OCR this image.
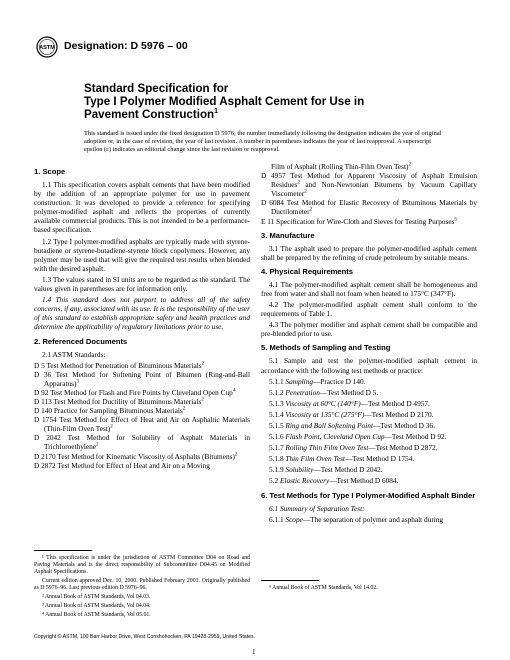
ASTM Designation: D 5976 – 00
Standard Specification for
Type I Polymer Modified Asphalt Cement for Use in
Pavement Construction$^1$
This standard is issued under the fixed designation D 5976; the number immediately following the designation indicates the year of original adoption or, in the case of revision, the year of last revision. A number in parentheses indicates the year of last reapproval. A superscript epsilon (ε) indicates an editorial change since the last revision or reapproval.
1. Scope

1.1 This specification covers asphalt cements that have been modified by the addition of an appropriate polymer for use in pavement construction. It was developed to provide a reference for specifying polymer-modified asphalt and reflects the properties of currently available commercial products. This is not intended to be a performance-based specification.

1.2 Type I polymer-modified asphalts are typically made with styrene-butadiene or styrene-butadiene-styrene block copolymers. However, any polymer may be used that will give the required test results when blended with the desired asphalt.

1.3 The values stated in SI units are to be regarded as the standard. The values given in parentheses are for information only.

1.4 This standard does not purport to address all of the safety concerns, if any, associated with its use. It is the responsibility of the user of this standard to establish appropriate safety and health practices and determine the applicability of regulatory limitations prior to use.

2. Referenced Documents

2.1 ASTM Standards:

D 5 Test Method for Penetration of Bituminous Materials$^2$

D 36 Test Method for Softening Point of Bitumen (Ring-and-Ball Apparatus)$^3$

D 92 Test Method for Flash and Fire Points by Cleveland Open Cup$^4$

D 113 Test Method for Ductility of Bituminous Materials$^2$

D 140 Practice for Sampling Bituminous Materials$^2$

D 1754 Test Method for Effect of Heat and Air on Asphaltic Materials (Thin-Film Oven Test)$^2$

D 2042 Test Method for Solubility of Asphalt Materials in Trichloroethylene$^2$

D 2170 Test Method for Kinematic Viscosity of Asphalts (Bitumens)$^2$

D 2872 Test Method for Effect of Heat and Air on a Moving

¹ This specification is under the jurisdiction of ASTM Committee D04 on Road and Paving Materials and is the direct responsibility of Subcommittee D04.45 on Modified Asphalt Specifications.

Current edition approved Dec. 10, 2000. Published February 2001. Originally published as D 5976–96. Last previous edition D 5976–96.

² Annual Book of ASTM Standards, Vol 04.03.

³ Annual Book of ASTM Standards, Vol 04.04.

⁴ Annual Book of ASTM Standards, Vol 05.01.

Film of Asphalt (Rolling Thin-Film Oven Test)$^2$

D 4957 Test Method for Apparent Viscosity of Asphalt Emulsion Residues$^2$ and Non-Newtonian Bitumens by Vacuum Capillary Viscometer$^2$

D 6084 Test Method for Elastic Recovery of Bituminous Materials by Ductilometer$^2$

E 11 Specification for Wire-Cloth and Sieves for Testing Purposes$^5$

3. Manufacture

3.1 The asphalt used to prepare the polymer-modified asphalt cement shall be prepared by the refining of crude petroleum by suitable means.

4. Physical Requirements

4.1 The polymer-modified asphalt cement shall be homogeneous and free from water and shall not foam when heated to 175°C (347°F).

4.2 The polymer-modified asphalt cement shall conform to the requirements of Table 1.

4.3 The polymer modifier and asphalt cement shall be compatible and pre-blended prior to use.

5. Methods of Sampling and Testing

5.1 Sample and test the polymer-modified asphalt cement in accordance with the following test methods or practice:

5.1.1 Sampling—Practice D 140.

5.1.2 Penetration—Test Method D 5.

5.1.3 Viscosity at 60°C (140°F)—Test Method D 4957.

5.1.4 Viscosity at 135°C (275°F)—Test Method D 2170.

5.1.5 Ring and Ball Softening Point—Test Method D 36.

5.1.6 Flash Point, Cleveland Open Cup—Test Method D 92.

5.1.7 Rolling Thin Film Oven Test—Test Method D 2872.

5.1.8 Thin Film Oven Test—Test Method D 1754.

5.1.9 Solubility—Test Method D 2042.

5.2 Elastic Recovery—Test Method D 6084.

6. Test Methods for Type I Polymer-Modified Asphalt Binder

6.1 Summary of Separation Test:

6.1.1 Scope—The separation of polymer and asphalt during

⁵ Annual Book of ASTM Standards, Vol 14.02.

Copyright © ASTM, 100 Barr Harbor Drive, West Conshohocken, PA 19428-2959, United States.
1
